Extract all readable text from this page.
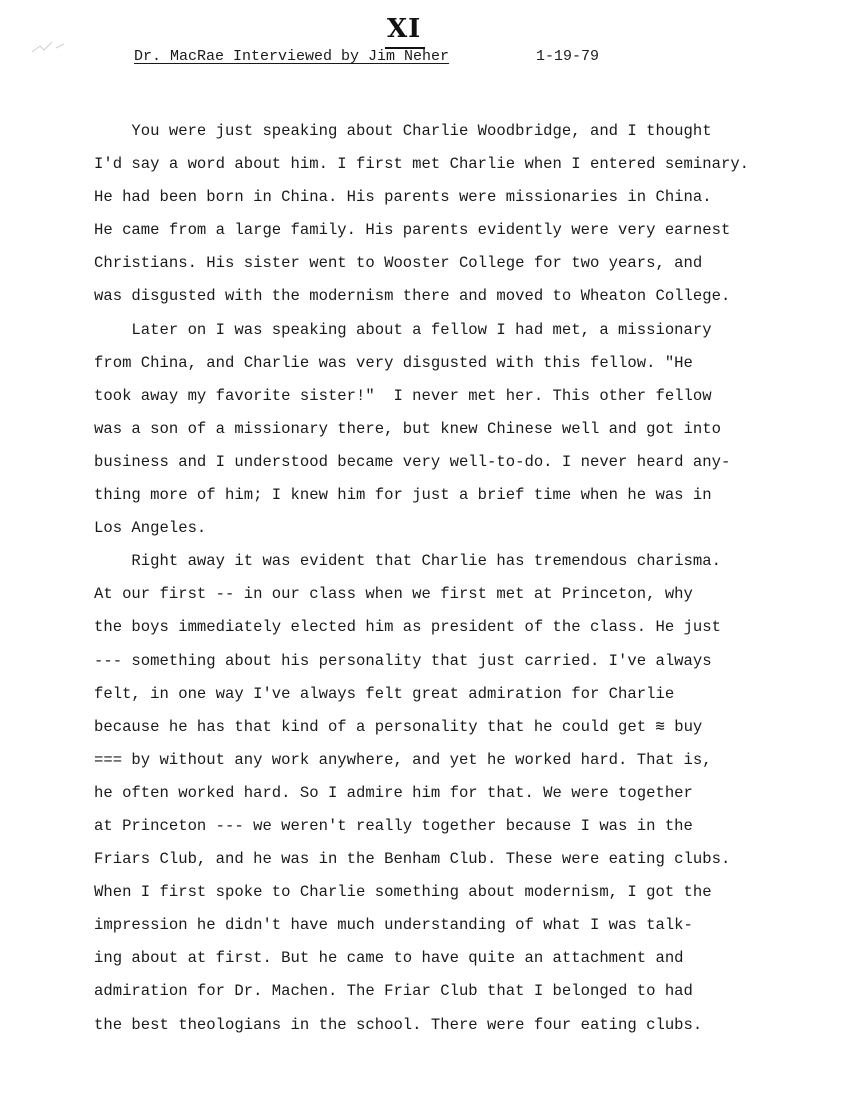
XI
Dr. MacRae Interviewed by Jim Neher	1-19-79
You were just speaking about Charlie Woodbridge, and I thought
I'd say a word about him. I first met Charlie when I entered seminary.
He had been born in China. His parents were missionaries in China.
He came from a large family. His parents evidently were very earnest
Christians. His sister went to Wooster College for two years, and
was disgusted with the modernism there and moved to Wheaton College.
Later on I was speaking about a fellow I had met, a missionary
from China, and Charlie was very disgusted with this fellow. "He
took away my favorite sister!"  I never met her. This other fellow
was a son of a missionary there, but knew Chinese well and got into
business and I understood became very well-to-do. I never heard any-
thing more of him; I knew him for just a brief time when he was in
Los Angeles.
Right away it was evident that Charlie has tremendous charisma.
At our first -- in our class when we first met at Princeton, why
the boys immediately elected him as president of the class. He just
--- something about his personality that just carried. I've always
felt, in one way I've always felt great admiration for Charlie
because he has that kind of a personality that he could get ≋ buy
=== by without any work anywhere, and yet he worked hard. That is,
he often worked hard. So I admire him for that. We were together
at Princeton --- we weren't really together because I was in the
Friars Club, and he was in the Benham Club. These were eating clubs.
When I first spoke to Charlie something about modernism, I got the
impression he didn't have much understanding of what I was talk-
ing about at first. But he came to have quite an attachment and
admiration for Dr. Machen. The Friar Club that I belonged to had
the best theologians in the school. There were four eating clubs.
